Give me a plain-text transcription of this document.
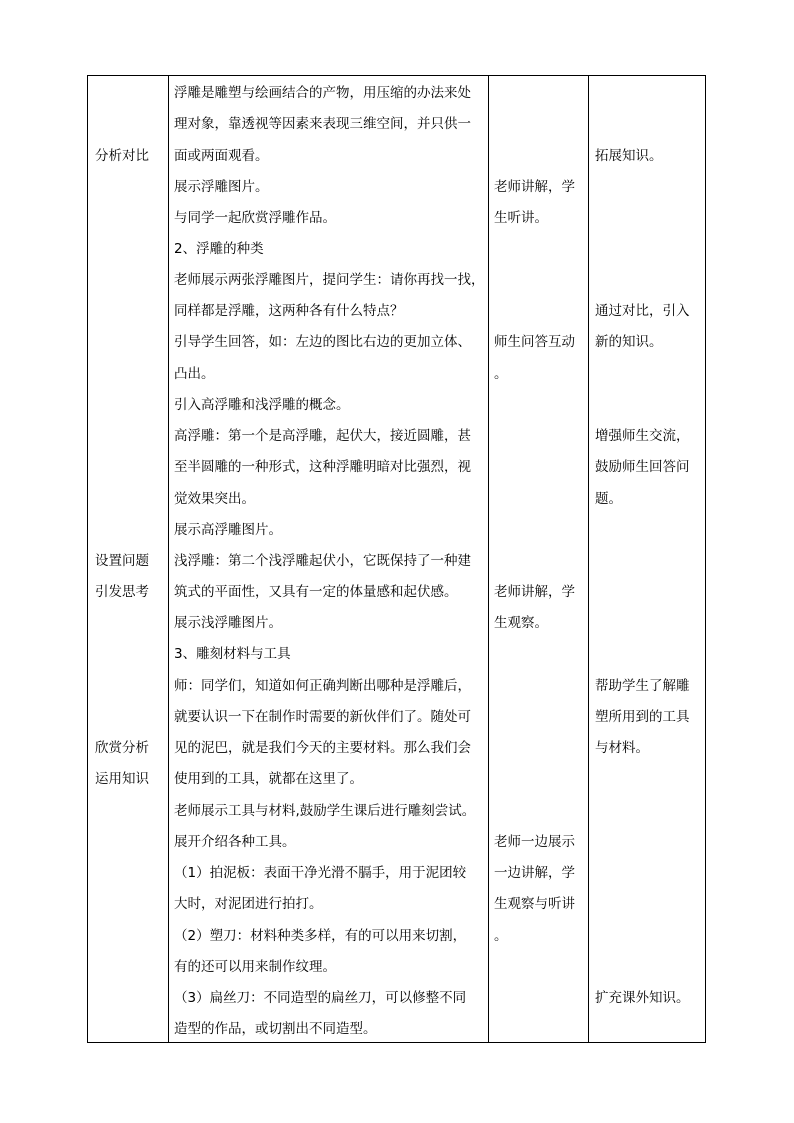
分析对比
设置问题
引发思考
欣赏分析
运用知识
浮雕是雕塑与绘画结合的产物，用压缩的办法来处
理对象，靠透视等因素来表现三维空间，并只供一
面或两面观看。
展示浮雕图片。
与同学一起欣赏浮雕作品。
2、浮雕的种类
老师展示两张浮雕图片，提问学生：请你再找一找，
同样都是浮雕，这两种各有什么特点？
引导学生回答，如：左边的图比右边的更加立体、
凸出。
引入高浮雕和浅浮雕的概念。
高浮雕：第一个是高浮雕，起伏大，接近圆雕，甚
至半圆雕的一种形式，这种浮雕明暗对比强烈，视
觉效果突出。
展示高浮雕图片。
浅浮雕：第二个浅浮雕起伏小，它既保持了一种建
筑式的平面性，又具有一定的体量感和起伏感。
展示浅浮雕图片。
3、雕刻材料与工具
师：同学们，知道如何正确判断出哪种是浮雕后，
就要认识一下在制作时需要的新伙伴们了。随处可
见的泥巴，就是我们今天的主要材料。那么我们会
使用到的工具，就都在这里了。
老师展示工具与材料,鼓励学生课后进行雕刻尝试。
展开介绍各种工具。
（1）拍泥板：表面干净光滑不膈手，用于泥团较
大时，对泥团进行拍打。
（2）塑刀：材料种类多样，有的可以用来切割，
有的还可以用来制作纹理。
（3）扁丝刀：不同造型的扁丝刀，可以修整不同
造型的作品，或切割出不同造型。
老师讲解，学
生听讲。
师生问答互动
。
老师讲解，学
生观察。
老师一边展示
一边讲解，学
生观察与听讲
。
拓展知识。
通过对比，引入
新的知识。
增强师生交流，
鼓励师生回答问
题。
帮助学生了解雕
塑所用到的工具
与材料。
扩充课外知识。
